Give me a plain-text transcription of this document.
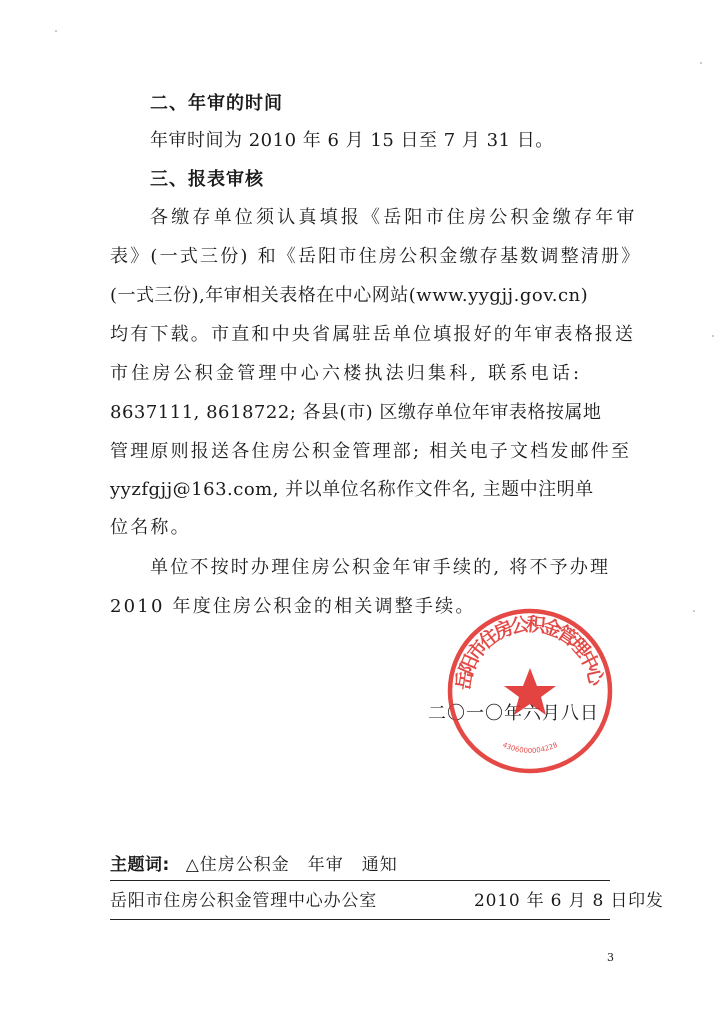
二、年审的时间
年审时间为 2010 年 6 月 15 日至 7 月 31 日。
三、报表审核
各缴存单位须认真填报《岳阳市住房公积金缴存年审
表》(一式三份) 和《岳阳市住房公积金缴存基数调整清册》
(一式三份),年审相关表格在中心网站(www.yygjj.gov.cn)
均有下载。市直和中央省属驻岳单位填报好的年审表格报送
市住房公积金管理中心六楼执法归集科, 联系电话:
8637111, 8618722; 各县(市) 区缴存单位年审表格按属地
管理原则报送各住房公积金管理部; 相关电子文档发邮件至
yyzfgjj@163.com, 并以单位名称作文件名, 主题中注明单
位名称。
单位不按时办理住房公积金年审手续的, 将不予办理
2010 年度住房公积金的相关调整手续。
二〇一〇年六月八日
岳阳市住房公积金管理中心
4306000004228
主题词: △住房公积金　年审　通知
岳阳市住房公积金管理中心办公室	2010 年 6 月 8 日印发
3
